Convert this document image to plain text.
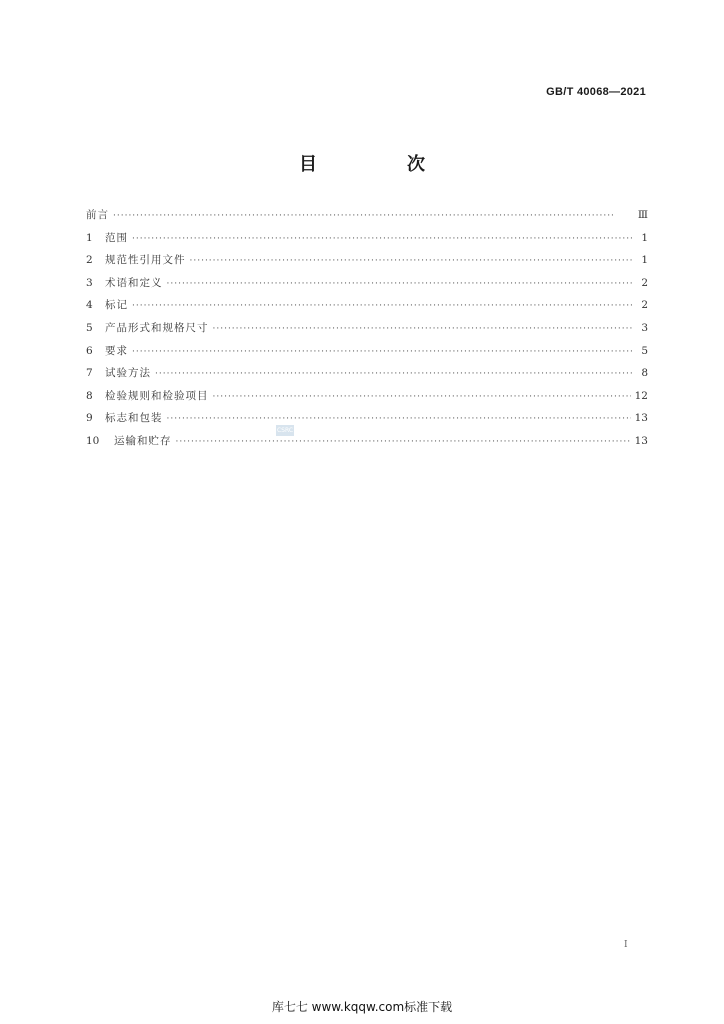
GB/T 40068—2021
目　次
前言 ·····	Ⅲ
1	范围 ·····	1
2	规范性引用文件 ·····	1
3	术语和定义 ·····	2
4	标记 ·····	2
5	产品形式和规格尺寸 ·····	3
6	要求 ·····	5
7	试验方法 ·····	8
8	检验规则和检验项目 ·····	12
9	标志和包装 ·····	13
10	运输和贮存 ·····	13
CSRC
I
库七七 www.kqqw.com标准下载
